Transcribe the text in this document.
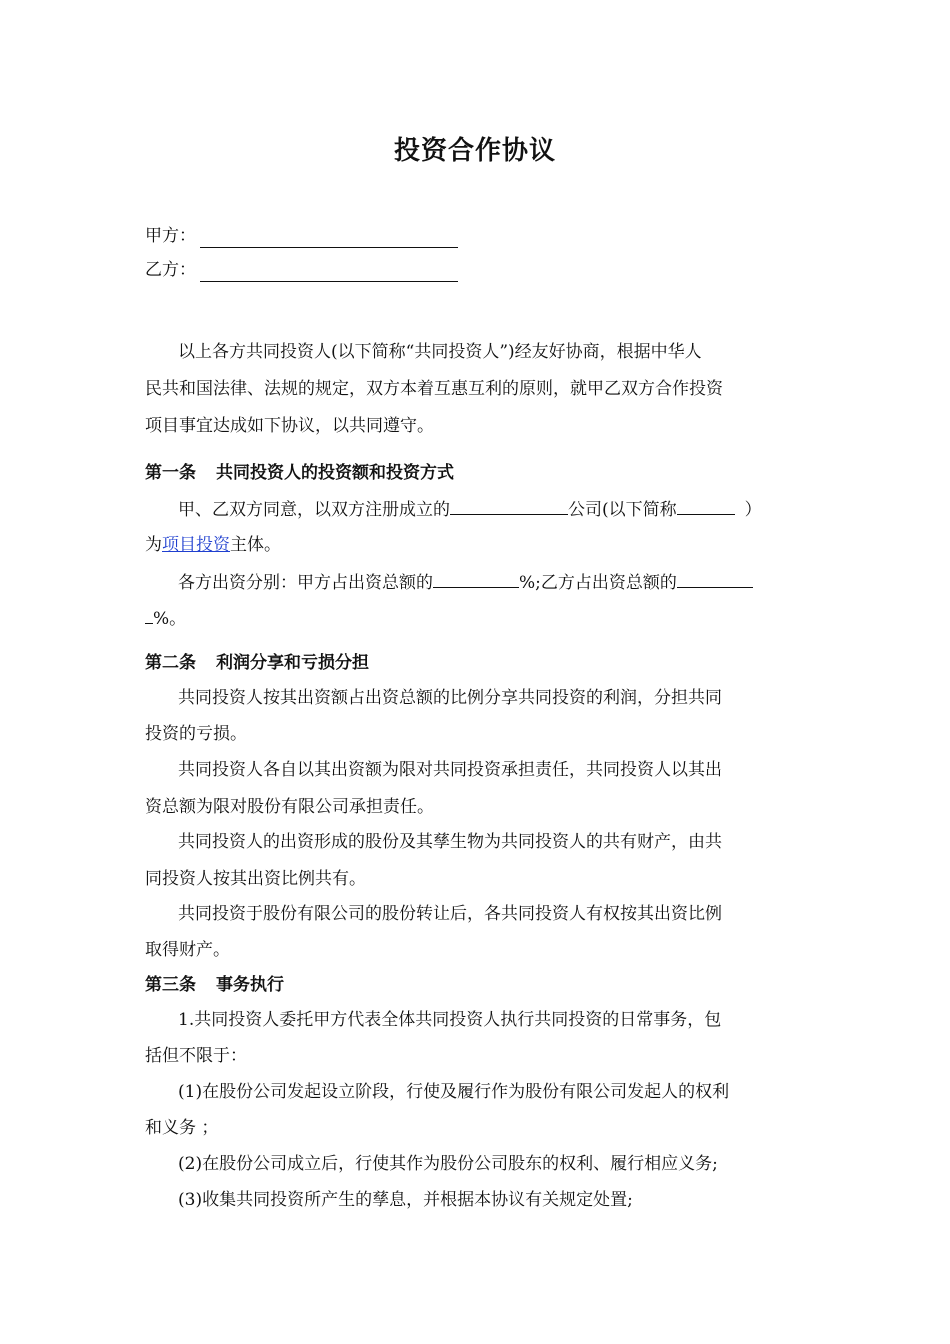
投资合作协议
甲方：
乙方：
以上各方共同投资人(以下简称“共同投资人”)经友好协商，根据中华人
民共和国法律、法规的规定，双方本着互惠互利的原则，就甲乙双方合作投资
项目事宜达成如下协议，以共同遵守。
第一条 共同投资人的投资额和投资方式
甲、乙双方同意，以双方注册成立的	公司(以下简称	）
为项目投资主体。
各方出资分别：甲方占出资总额的	%;乙方占出资总额的
%。
第二条 利润分享和亏损分担
共同投资人按其出资额占出资总额的比例分享共同投资的利润，分担共同
投资的亏损。
共同投资人各自以其出资额为限对共同投资承担责任，共同投资人以其出
资总额为限对股份有限公司承担责任。
共同投资人的出资形成的股份及其孳生物为共同投资人的共有财产，由共
同投资人按其出资比例共有。
共同投资于股份有限公司的股份转让后，各共同投资人有权按其出资比例
取得财产。
第三条 事务执行
1.共同投资人委托甲方代表全体共同投资人执行共同投资的日常事务，包
括但不限于：
(1)在股份公司发起设立阶段，行使及履行作为股份有限公司发起人的权利
和义务 ；
(2)在股份公司成立后，行使其作为股份公司股东的权利、履行相应义务;
(3)收集共同投资所产生的孳息，并根据本协议有关规定处置;
